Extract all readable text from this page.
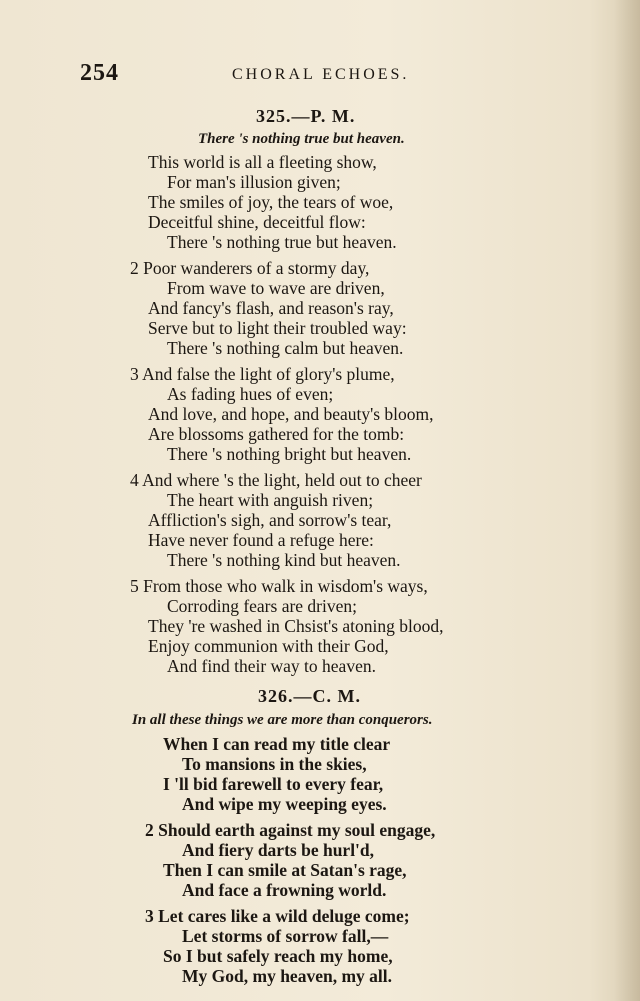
254	CHORAL ECHOES.
325.—P. M.
There 's nothing true but heaven.
This world is all a fleeting show,
For man's illusion given;
The smiles of joy, the tears of woe,
Deceitful shine, deceitful flow:
There 's nothing true but heaven.
2 Poor wanderers of a stormy day,
From wave to wave are driven,
And fancy's flash, and reason's ray,
Serve but to light their troubled way:
There 's nothing calm but heaven.
3 And false the light of glory's plume,
As fading hues of even;
And love, and hope, and beauty's bloom,
Are blossoms gathered for the tomb:
There 's nothing bright but heaven.
4 And where 's the light, held out to cheer
The heart with anguish riven;
Affliction's sigh, and sorrow's tear,
Have never found a refuge here:
There 's nothing kind but heaven.
5 From those who walk in wisdom's ways,
Corroding fears are driven;
They 're washed in Chsist's atoning blood,
Enjoy communion with their God,
And find their way to heaven.
326.—C. M.
In all these things we are more than conquerors.
When I can read my title clear
To mansions in the skies,
I 'll bid farewell to every fear,
And wipe my weeping eyes.
2 Should earth against my soul engage,
And fiery darts be hurl'd,
Then I can smile at Satan's rage,
And face a frowning world.
3 Let cares like a wild deluge come;
Let storms of sorrow fall,—
So I but safely reach my home,
My God, my heaven, my all.
